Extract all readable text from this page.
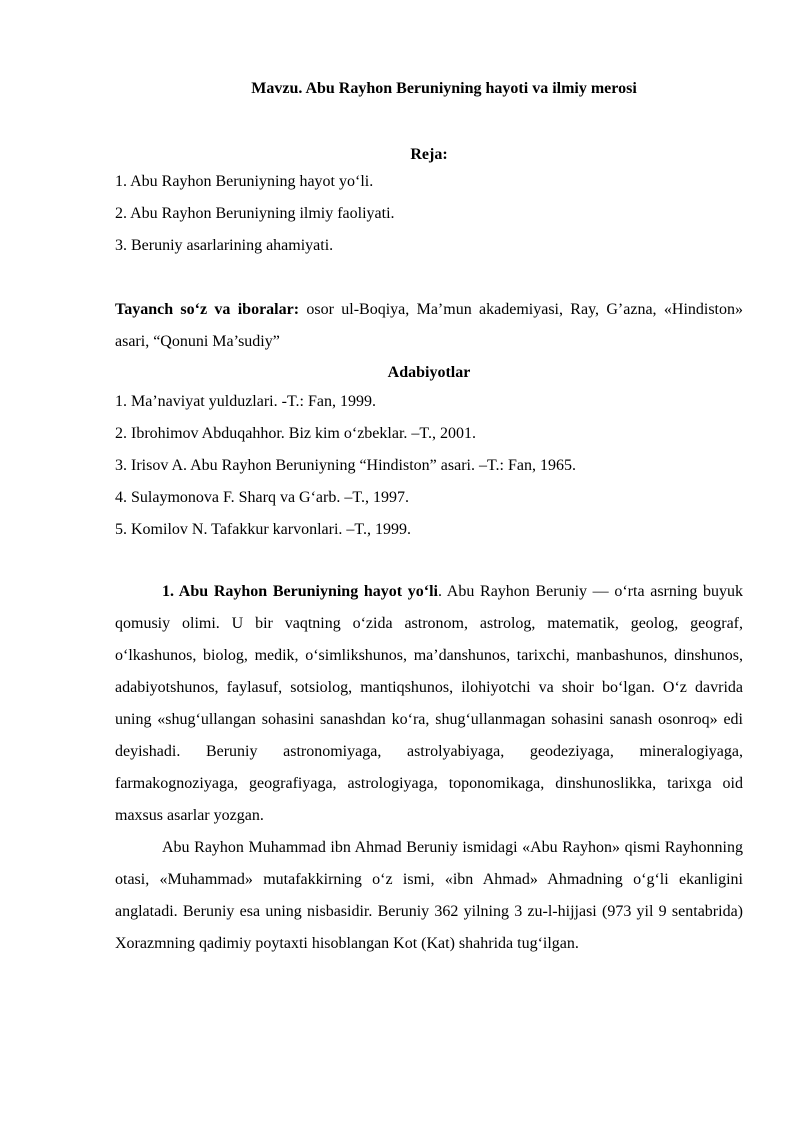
Mavzu. Abu Rayhon Beruniyning hayoti va ilmiy merosi
Reja:
1. Abu Rayhon Beruniyning hayot yo‘li.
2. Abu Rayhon Beruniyning ilmiy faoliyati.
3. Beruniy asarlarining ahamiyati.
Tayanch so‘z va iboralar: osor ul-Boqiya, Ma’mun akademiyasi, Ray, G’azna, «Hindiston» asari, “Qonuni Ma’sudiy”
Adabiyotlar
1. Ma’naviyat yulduzlari. -T.: Fan, 1999.
2. Ibrohimov Abduqahhor. Biz kim o‘zbeklar. –T., 2001.
3. Irisov A. Abu Rayhon Beruniyning “Hindiston” asari. –T.: Fan, 1965.
4. Sulaymonova F. Sharq va G‘arb. –T., 1997.
5. Komilov N. Tafakkur karvonlari. –T., 1999.

1. Abu Rayhon Beruniyning hayot yo‘li. Abu Rayhon Beruniy — o‘rta asrning buyuk qomusiy olimi. U bir vaqtning o‘zida astronom, astrolog, matematik, geolog, geograf, o‘lkashunos, biolog, medik, o‘simlikshunos, ma’danshunos, tarixchi, manbashunos, dinshunos, adabiyotshunos, faylasuf, sotsiolog, mantiqshunos, ilohiyotchi va shoir bo‘lgan. O‘z davrida uning «shug‘ullangan sohasini sanashdan ko‘ra, shug‘ullanmagan sohasini sanash osonroq» edi deyishadi. Beruniy astronomiyaga, astrolyabiyaga, geodeziyaga, mineralogiyaga, farmakognoziyaga, geografiyaga, astrologiyaga, toponomikaga, dinshunoslikka, tarixga oid maxsus asarlar yozgan.

Abu Rayhon Muhammad ibn Ahmad Beruniy ismidagi «Abu Rayhon» qismi Rayhonning otasi, «Muhammad» mutafakkirning o‘z ismi, «ibn Ahmad» Ahmadning o‘g‘li ekanligini anglatadi. Beruniy esa uning nisbasidir. Beruniy 362 yilning 3 zu-l-hijjasi (973 yil 9 sentabrida) Xorazmning qadimiy poytaxti hisoblangan Kot (Kat) shahrida tug‘ilgan.
